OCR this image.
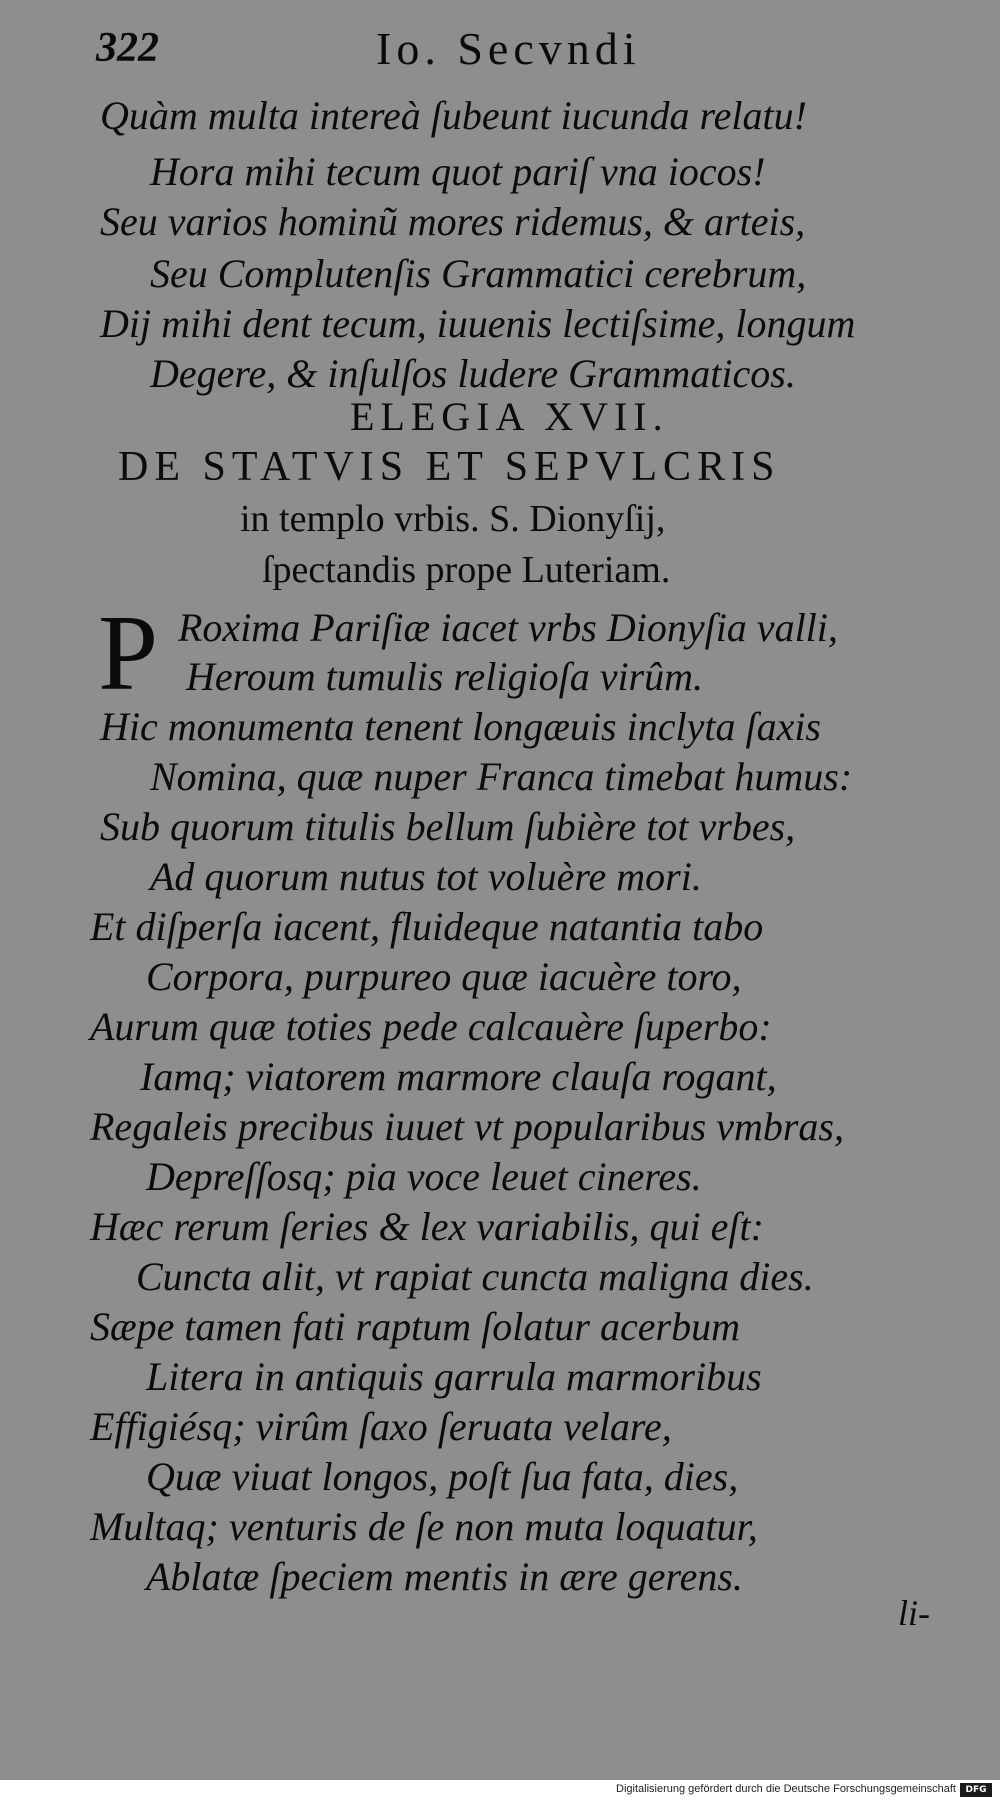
322	Io. Secvndi
Quàm multa intereà ſubeunt iucunda relatu!
Hora mihi tecum quot pariſ vna iocos!
Seu varios hominũ mores ridemus, & arteis,
Seu Complutenſis Grammatici cerebrum,
Dij mihi dent tecum, iuuenis lectiſsime, longum
Degere, & inſulſos ludere Grammaticos.
ELEGIA XVII.
DE STATVIS ET SEPVLCRIS
in templo vrbis. S. Dionyſij,
ſpectandis prope Luteriam.
P Roxima Pariſiæ iacet vrbs Dionyſia valli,
Heroum tumulis religioſa virûm.
Hic monumenta tenent longæuis inclyta ſaxis
Nomina, quæ nuper Franca timebat humus:
Sub quorum titulis bellum ſubière tot vrbes,
Ad quorum nutus tot voluère mori.
Et diſperſa iacent, fluideque natantia tabo
Corpora, purpureo quæ iacuère toro,
Aurum quæ toties pede calcauère ſuperbo:
Iamq; viatorem marmore clauſa rogant,
Regaleis precibus iuuet vt popularibus vmbras,
Depreſſosq; pia voce leuet cineres.
Hæc rerum ſeries & lex variabilis, qui eſt:
Cuncta alit, vt rapiat cuncta maligna dies.
Sæpe tamen fati raptum ſolatur acerbum
Litera in antiquis garrula marmoribus
Effigiésq; virûm ſaxo ſeruata velare,
Quæ viuat longos, poſt ſua fata, dies,
Multaq; venturis de ſe non muta loquatur,
Ablatæ ſpeciem mentis in ære gerens.
li-
Digitalisierung gefördert durch die Deutsche Forschungsgemeinschaft	DFG
